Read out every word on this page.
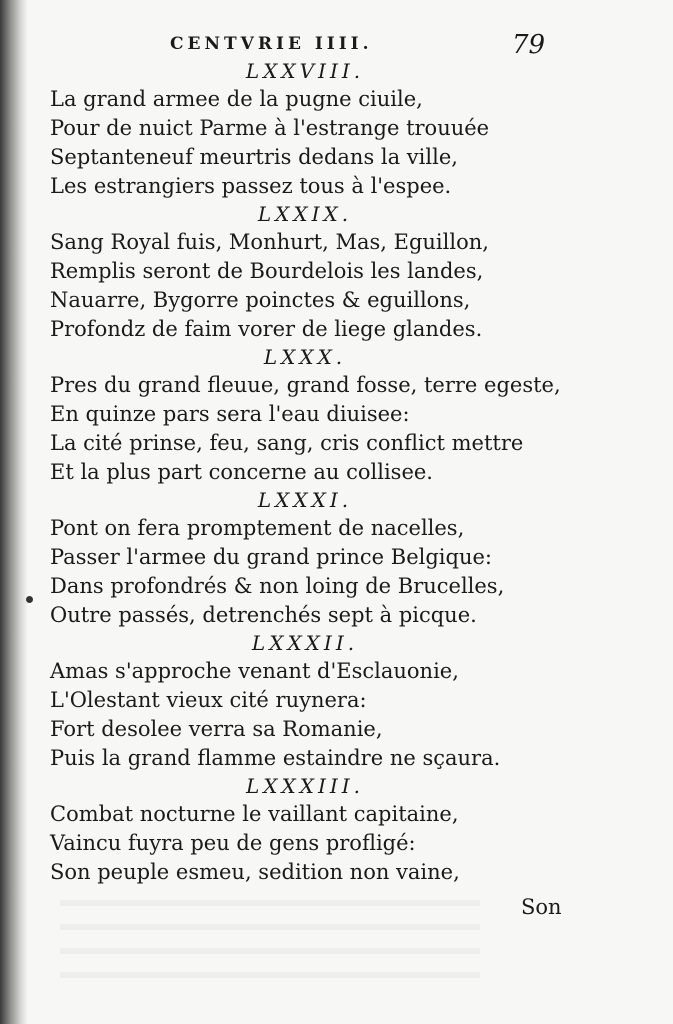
CENTVRIE IIII.	79
LXXVIII.
La grand armee de la pugne ciuile,
Pour de nuict Parme à l'estrange trouuée
Septanteneuf meurtris dedans la ville,
Les estrangiers passez tous à l'espee.
LXXIX.
Sang Royal fuis, Monhurt, Mas, Eguillon,
Remplis seront de Bourdelois les landes,
Nauarre, Bygorre poinctes & eguillons,
Profondz de faim vorer de liege glandes.
LXXX.
Pres du grand fleuue, grand fosse, terre egeste,
En quinze pars sera l'eau diuisee:
La cité prinse, feu, sang, cris conflict mettre
Et la plus part concerne au collisee.
LXXXI.
Pont on fera promptement de nacelles,
Passer l'armee du grand prince Belgique:
Dans profondrés & non loing de Brucelles,
Outre passés, detrenchés sept à picque.
LXXXII.
Amas s'approche venant d'Esclauonie,
L'Olestant vieux cité ruynera:
Fort desolee verra sa Romanie,
Puis la grand flamme estaindre ne sçaura.
LXXXIII.
Combat nocturne le vaillant capitaine,
Vaincu fuyra peu de gens profligé:
Son peuple esmeu, sedition non vaine,
Son
